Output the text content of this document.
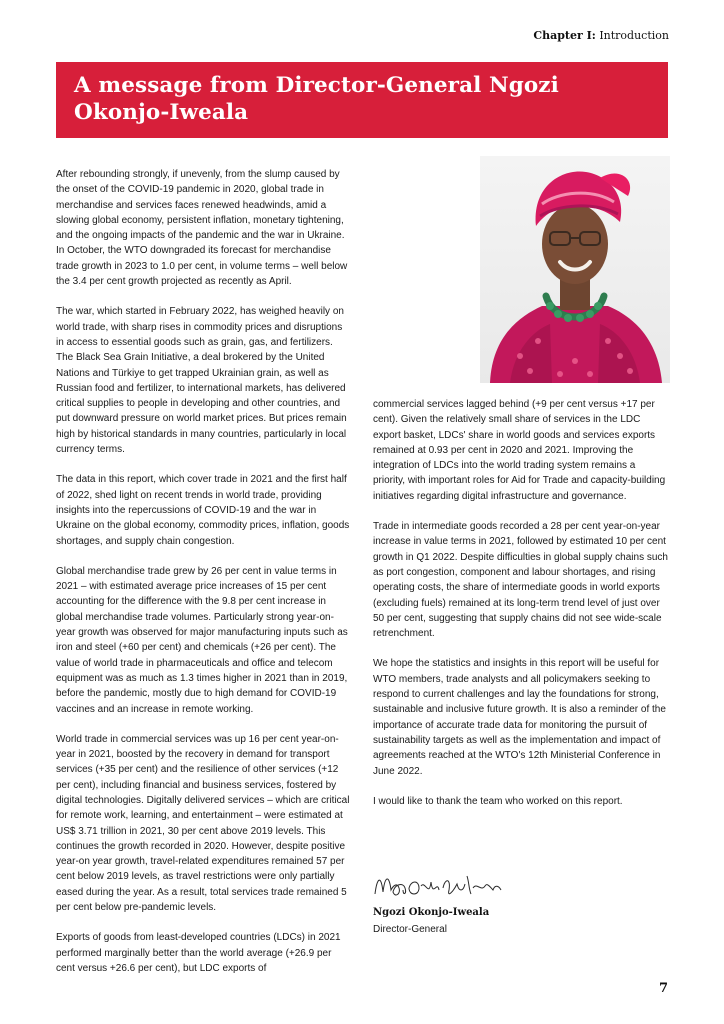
Chapter I: Introduction
A message from Director-General Ngozi Okonjo-Iweala

After rebounding strongly, if unevenly, from the slump caused by the onset of the COVID-19 pandemic in 2020, global trade in merchandise and services faces renewed headwinds, amid a slowing global economy, persistent inflation, monetary tightening, and the ongoing impacts of the pandemic and the war in Ukraine. In October, the WTO downgraded its forecast for merchandise trade growth in 2023 to 1.0 per cent, in volume terms – well below the 3.4 per cent growth projected as recently as April.

The war, which started in February 2022, has weighed heavily on world trade, with sharp rises in commodity prices and disruptions in access to essential goods such as grain, gas, and fertilizers. The Black Sea Grain Initiative, a deal brokered by the United Nations and Türkiye to get trapped Ukrainian grain, as well as Russian food and fertilizer, to international markets, has delivered critical supplies to people in developing and other countries, and put downward pressure on world market prices. But prices remain high by historical standards in many countries, particularly in local currency terms.

The data in this report, which cover trade in 2021 and the first half of 2022, shed light on recent trends in world trade, providing insights into the repercussions of COVID-19 and the war in Ukraine on the global economy, commodity prices, inflation, goods shortages, and supply chain congestion.

Global merchandise trade grew by 26 per cent in value terms in 2021 – with estimated average price increases of 15 per cent accounting for the difference with the 9.8 per cent increase in global merchandise trade volumes. Particularly strong year-on-year growth was observed for major manufacturing inputs such as iron and steel (+60 per cent) and chemicals (+26 per cent). The value of world trade in pharmaceuticals and office and telecom equipment was as much as 1.3 times higher in 2021 than in 2019, before the pandemic, mostly due to high demand for COVID-19 vaccines and an increase in remote working.

World trade in commercial services was up 16 per cent year-on-year in 2021, boosted by the recovery in demand for transport services (+35 per cent) and the resilience of other services (+12 per cent), including financial and business services, fostered by digital technologies. Digitally delivered services – which are critical for remote work, learning, and entertainment – were estimated at US$ 3.71 trillion in 2021, 30 per cent above 2019 levels. This continues the growth recorded in 2020. However, despite positive year-on year growth, travel-related expenditures remained 57 per cent below 2019 levels, as travel restrictions were only partially eased during the year. As a result, total services trade remained 5 per cent below pre-pandemic levels.

Exports of goods from least-developed countries (LDCs) in 2021 performed marginally better than the world average (+26.9 per cent versus +26.6 per cent), but LDC exports of

commercial services lagged behind (+9 per cent versus +17 per cent). Given the relatively small share of services in the LDC export basket, LDCs' share in world goods and services exports remained at 0.93 per cent in 2020 and 2021. Improving the integration of LDCs into the world trading system remains a priority, with important roles for Aid for Trade and capacity-building initiatives regarding digital infrastructure and governance.

Trade in intermediate goods recorded a 28 per cent year-on-year increase in value terms in 2021, followed by estimated 10 per cent growth in Q1 2022. Despite difficulties in global supply chains such as port congestion, component and labour shortages, and rising operating costs, the share of intermediate goods in world exports (excluding fuels) remained at its long-term trend level of just over 50 per cent, suggesting that supply chains did not see wide-scale retrenchment.

We hope the statistics and insights in this report will be useful for WTO members, trade analysts and all policymakers seeking to respond to current challenges and lay the foundations for strong, sustainable and inclusive future growth. It is also a reminder of the importance of accurate trade data for monitoring the pursuit of sustainability targets as well as the implementation and impact of agreements reached at the WTO's 12th Ministerial Conference in June 2022.

I would like to thank the team who worked on this report.

Ngozi Okonjo-Iweala
Director-General
7
